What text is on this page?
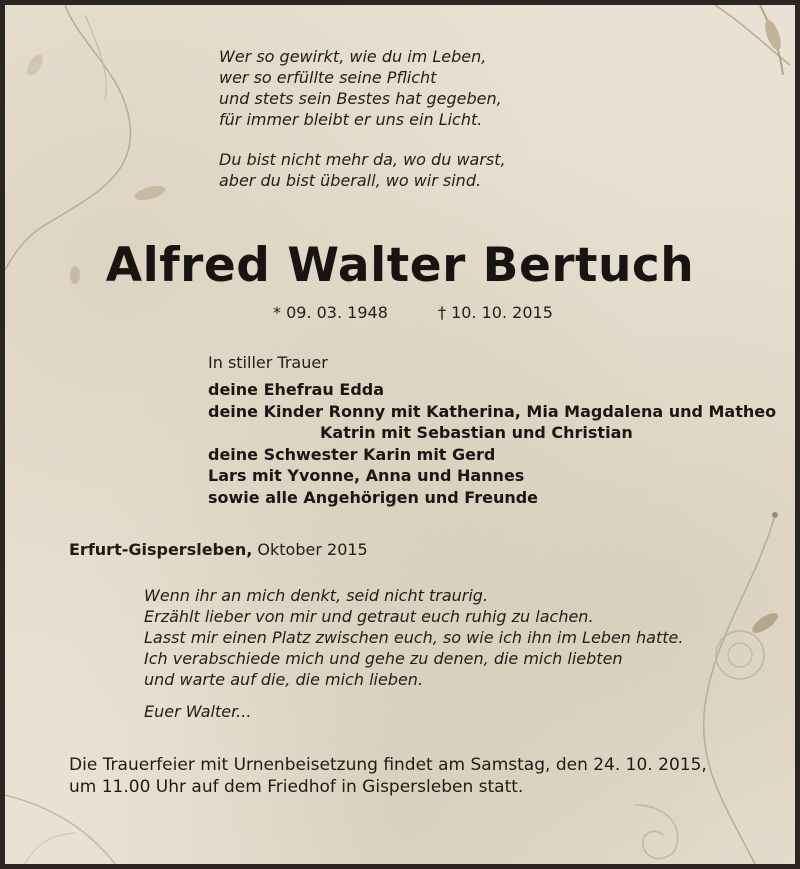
Wer so gewirkt, wie du im Leben,
wer so erfüllte seine Pflicht
und stets sein Bestes hat gegeben,
für immer bleibt er uns ein Licht.
Du bist nicht mehr da, wo du warst,
aber du bist überall, wo wir sind.
Alfred Walter Bertuch
* 09. 03. 1948	† 10. 10. 2015
In stiller Trauer
deine Ehefrau Edda
deine Kinder Ronny mit Katherina, Mia Magdalena und Matheo
Katrin mit Sebastian und Christian
deine Schwester Karin mit Gerd
Lars mit Yvonne, Anna und Hannes
sowie alle Angehörigen und Freunde
Erfurt-Gispersleben, Oktober 2015
Wenn ihr an mich denkt, seid nicht traurig.
Erzählt lieber von mir und getraut euch ruhig zu lachen.
Lasst mir einen Platz zwischen euch, so wie ich ihn im Leben hatte.
Ich verabschiede mich und gehe zu denen, die mich liebten
und warte auf die, die mich lieben.
Euer Walter...
Die Trauerfeier mit Urnenbeisetzung findet am Samstag, den 24. 10. 2015,
um 11.00 Uhr auf dem Friedhof in Gispersleben statt.
